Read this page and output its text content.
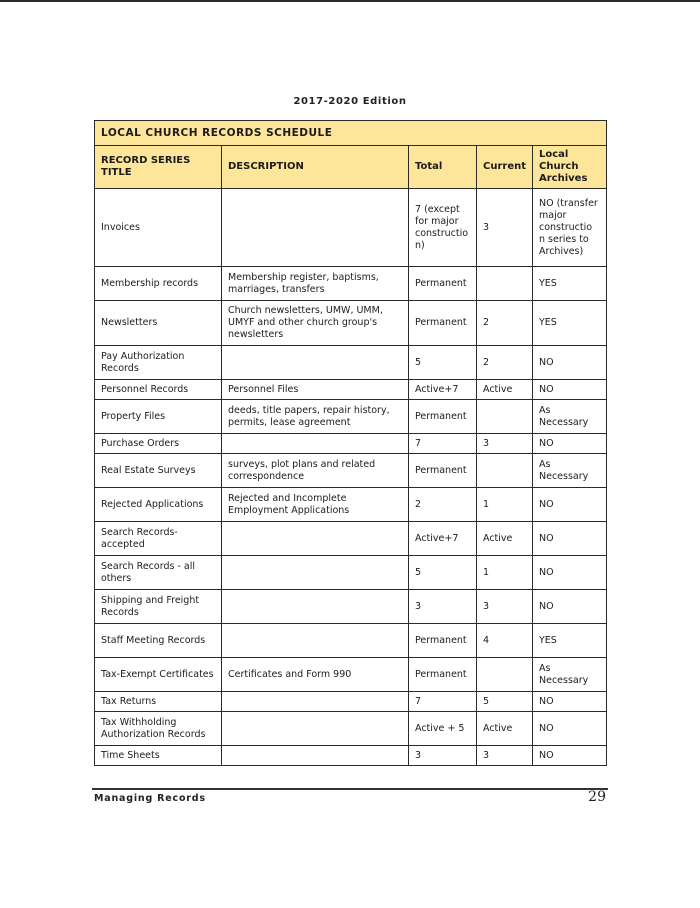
2017-2020 Edition
LOCAL CHURCH RECORDS SCHEDULE				
RECORD SERIES TITLE	DESCRIPTION	Total	Current	Local Church Archives
Invoices		7 (except for major constructio n)	3	NO (transfer major constructio n series to Archives)
Membership records	Membership register, baptisms, marriages, transfers	Permanent		YES
Newsletters	Church newsletters, UMW, UMM, UMYF and other church group's newsletters	Permanent	2	YES
Pay Authorization Records		5	2	NO
Personnel Records	Personnel Files	Active+7	Active	NO
Property Files	deeds, title papers, repair history, permits, lease agreement	Permanent		As Necessary
Purchase Orders		7	3	NO
Real Estate Surveys	surveys, plot plans and related correspondence	Permanent		As Necessary
Rejected Applications	Rejected and Incomplete Employment Applications	2	1	NO
Search Records- accepted		Active+7	Active	NO
Search Records - all others		5	1	NO
Shipping and Freight Records		3	3	NO
Staff Meeting Records		Permanent	4	YES
Tax-Exempt Certificates	Certificates and Form 990	Permanent		As Necessary
Tax Returns		7	5	NO
Tax Withholding Authorization Records		Active + 5	Active	NO
Time Sheets		3	3	NO
Managing Records	29
